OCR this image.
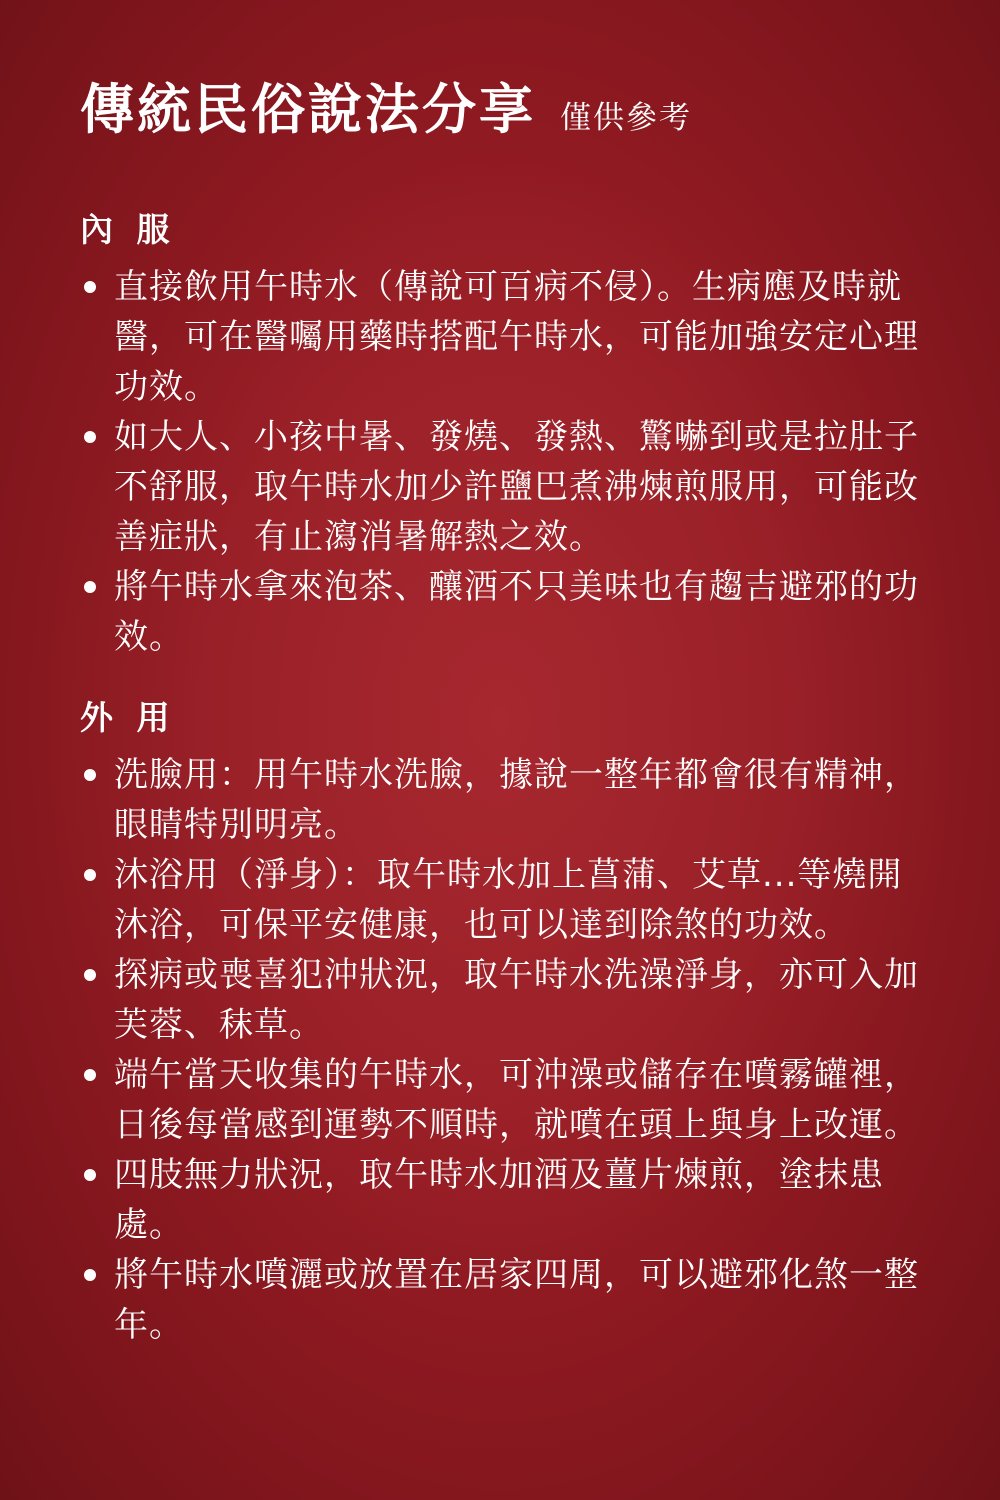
傳統民俗說法分享 僅供參考
內 服
直接飲用午時水（傳說可百病不侵）。生病應及時就醫，可在醫囑用藥時搭配午時水，可能加強安定心理功效。
如大人、小孩中暑、發燒、發熱、驚嚇到或是拉肚子不舒服，取午時水加少許鹽巴煮沸煉煎服用，可能改善症狀，有止瀉消暑解熱之效。
將午時水拿來泡茶、釀酒不只美味也有趨吉避邪的功效。
外 用
洗臉用：用午時水洗臉，據說一整年都會很有精神，眼睛特別明亮。
沐浴用（淨身）：取午時水加上菖蒲、艾草...等燒開沐浴，可保平安健康，也可以達到除煞的功效。
探病或喪喜犯沖狀況，取午時水洗澡淨身，亦可入加芙蓉、秣草。
端午當天收集的午時水，可沖澡或儲存在噴霧罐裡，日後每當感到運勢不順時，就噴在頭上與身上改運。
四肢無力狀況，取午時水加酒及薑片煉煎，塗抹患處。
將午時水噴灑或放置在居家四周，可以避邪化煞一整年。
